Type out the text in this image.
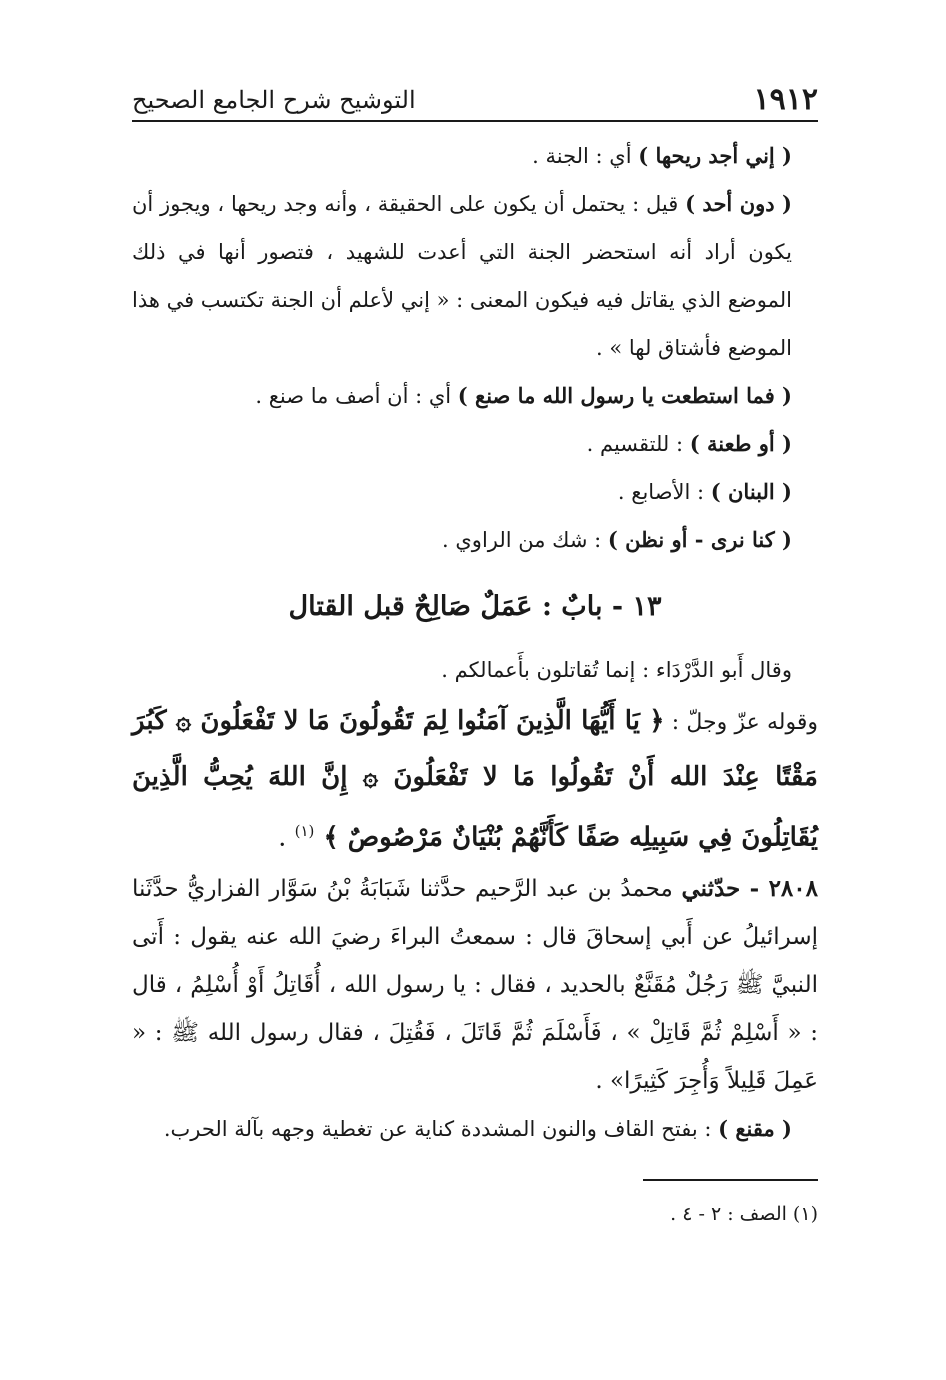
١٩١٢
التوشيح شرح الجامع الصحيح

( إني أجد ريحها ) أي : الجنة .

( دون أحد ) قيل : يحتمل أن يكون على الحقيقة ، وأنه وجد ريحها ، ويجوز أن يكون أراد أنه استحضر الجنة التي أعدت للشهيد ، فتصور أنها في ذلك الموضع الذي يقاتل فيه فيكون المعنى : « إني لأعلم أن الجنة تكتسب في هذا الموضع فأشتاق لها » .

( فما استطعت يا رسول الله ما صنع ) أي : أن أصف ما صنع .

( أو طعنة ) : للتقسيم .

( البنان ) : الأصابع .

( كنا نرى - أو نظن ) : شك من الراوي .

١٣ - بابٌ : عَمَلٌ صَالِحٌ قبل القتال

وقال أَبو الدَّرْدَاء : إنما تُقاتلون بأَعمالكم .

وقوله عزّ وجلّ : ﴿ يَا أَيُّهَا الَّذِينَ آمَنُوا لِمَ تَقُولُونَ مَا لا تَفْعَلُونَ ۞ كَبُرَ مَقْتًا عِنْدَ الله أَنْ تَقُولُوا مَا لا تَفْعَلُونَ ۞ إِنَّ اللهَ يُحِبُّ الَّذِينَ يُقَاتِلُونَ فِي سَبِيلِه صَفًا كَأَنَّهُمْ بُنْيَانٌ مَرْصُوصٌ ﴾ $^{(١)}$ .

٢٨٠٨ - حدّثني محمدُ بن عبد الرَّحيم حدَّثنا شَبَابَةُ بْنُ سَوَّار الفزاريُّ حدَّثَنا إسرائيلُ عن أَبي إسحاقَ قال : سمعتُ البراءَ رضيَ الله عنه يقول : أَتى النبيَّ ﷺ رَجُلٌ مُقَنَّعٌ بالحديد ، فقال : يا رسول الله ، أُقَاتِلُ أَوْ أُسْلِمُ ، قال : « أَسْلِمْ ثُمَّ قَاتِلْ » ، فَأَسْلَمَ ثُمَّ قَاتَلَ ، فَقُتِلَ ، فقال رسول الله ﷺ : « عَمِلَ قَلِيلاً وَأُجِرَ كَثِيرًا» .

( مقنع ) : بفتح القاف والنون المشددة كناية عن تغطية وجهه بآلة الحرب.

(١) الصف : ٢ - ٤ .
